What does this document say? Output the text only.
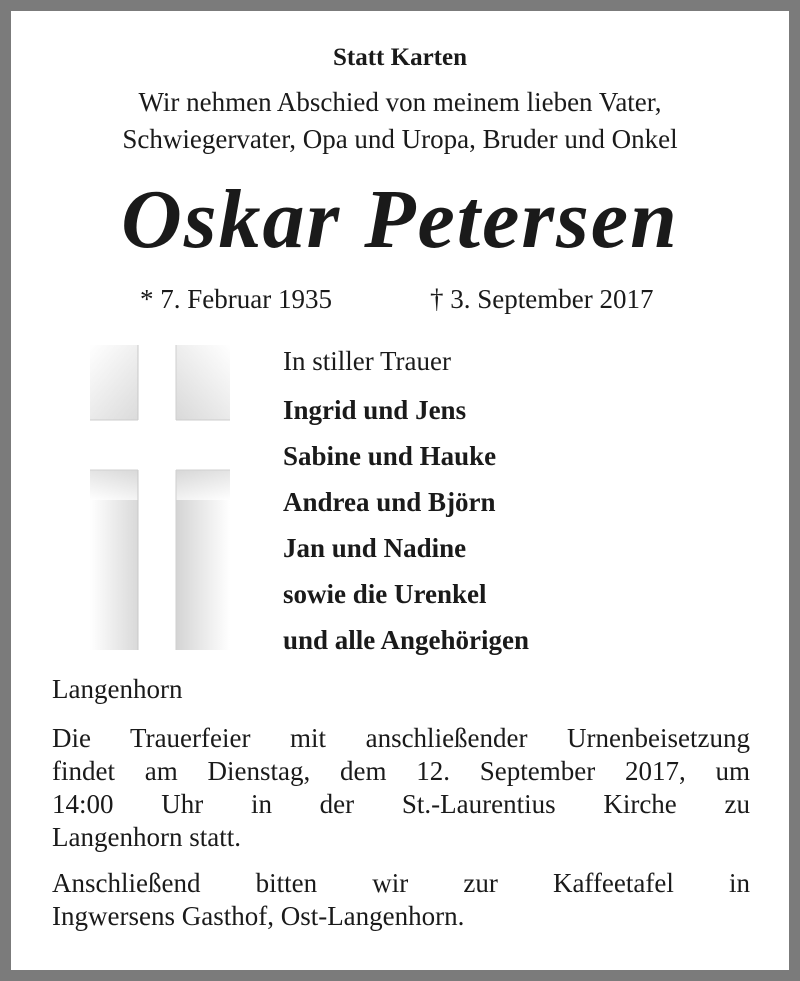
Statt Karten
Wir nehmen Abschied von meinem lieben Vater,
Schwiegervater, Opa und Uropa, Bruder und Onkel
Oskar Petersen
* 7. Februar 1935	† 3. September 2017
In stiller Trauer
Ingrid und Jens
Sabine und Hauke
Andrea und Björn
Jan und Nadine
sowie die Urenkel
und alle Angehörigen
Langenhorn
Die Trauerfeier mit anschließender Urnenbeisetzung
findet am Dienstag, dem 12. September 2017, um
14:00 Uhr in der St.-Laurentius Kirche zu
Langenhorn statt.
Anschließend bitten wir zur Kaffeetafel in
Ingwersens Gasthof, Ost-Langenhorn.
